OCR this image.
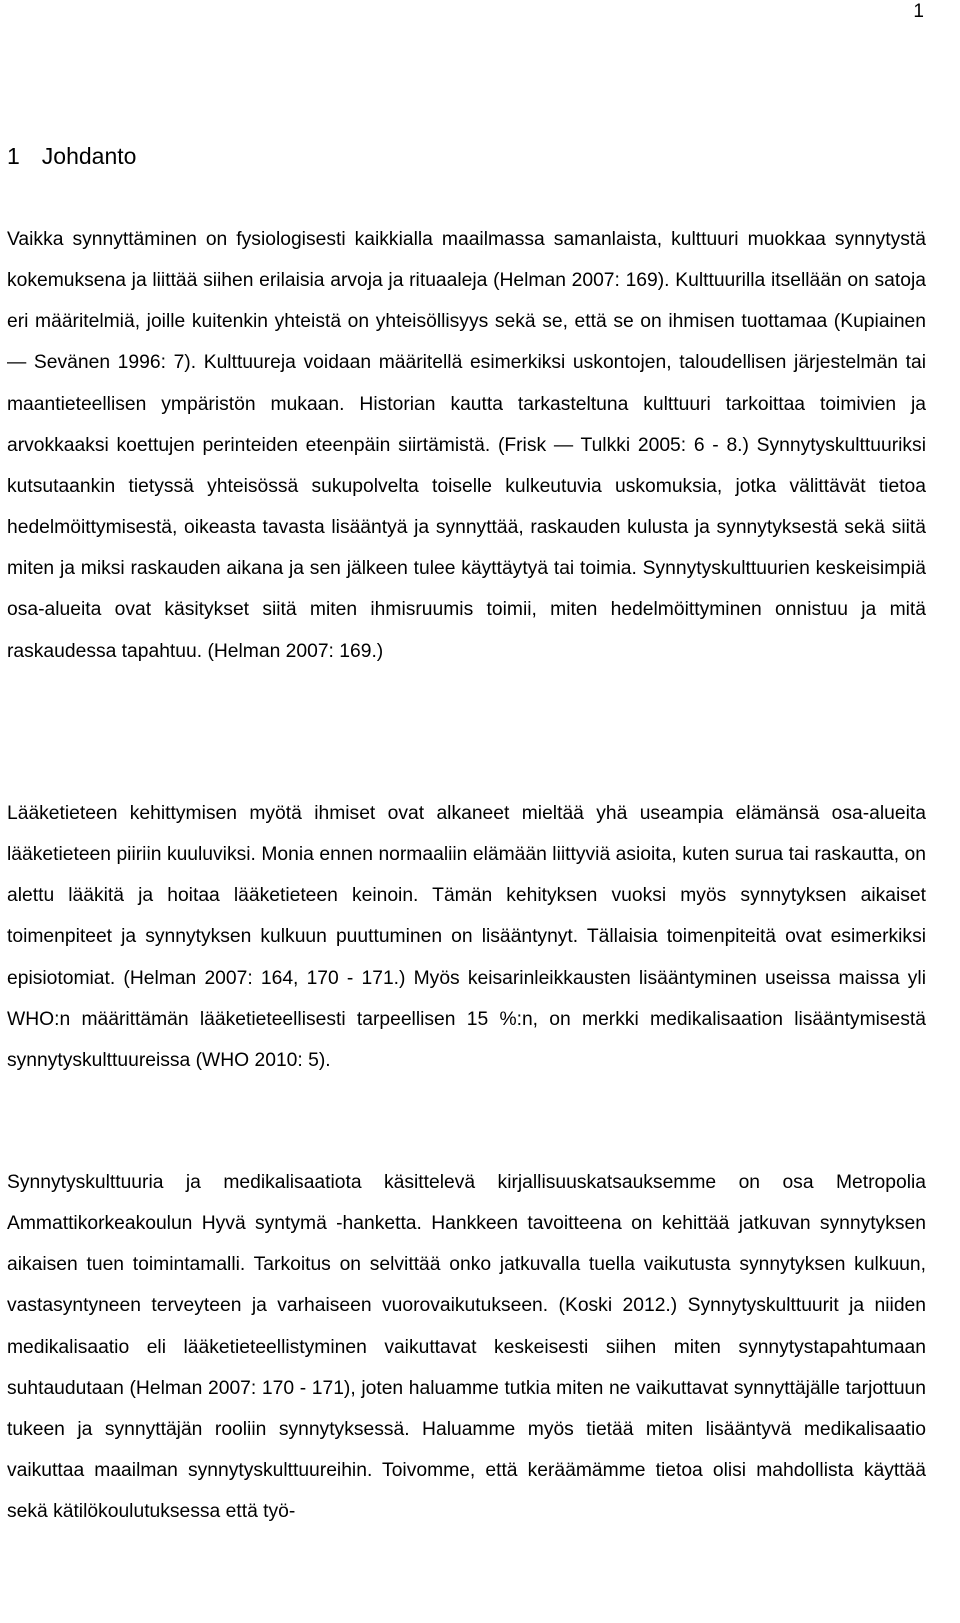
1
1 Johdanto

Vaikka synnyttäminen on fysiologisesti kaikkialla maailmassa samanlaista, kulttuuri muokkaa synnytystä kokemuksena ja liittää siihen erilaisia arvoja ja rituaaleja (Helman 2007: 169). Kulttuurilla itsellään on satoja eri määritelmiä, joille kuitenkin yhteistä on yhteisöllisyys sekä se, että se on ihmisen tuottamaa (Kupiainen — Sevänen 1996: 7). Kulttuureja voidaan määritellä esimerkiksi uskontojen, taloudellisen järjestelmän tai maantieteellisen ympäristön mukaan. Historian kautta tarkasteltuna kulttuuri tarkoittaa toimivien ja arvokkaaksi koettujen perinteiden eteenpäin siirtämistä. (Frisk — Tulkki 2005: 6 - 8.) Synnytyskulttuuriksi kutsutaankin tietyssä yhteisössä sukupolvelta toiselle kulkeutuvia uskomuksia, jotka välittävät tietoa hedelmöittymisestä, oikeasta tavasta lisääntyä ja synnyttää, raskauden kulusta ja synnytyksestä sekä siitä miten ja miksi raskauden aikana ja sen jälkeen tulee käyttäytyä tai toimia. Synnytyskulttuurien keskeisimpiä osa-alueita ovat käsitykset siitä miten ihmisruumis toimii, miten hedelmöittyminen onnistuu ja mitä raskaudessa tapahtuu. (Helman 2007: 169.)

Lääketieteen kehittymisen myötä ihmiset ovat alkaneet mieltää yhä useampia elämänsä osa-alueita lääketieteen piiriin kuuluviksi. Monia ennen normaaliin elämään liittyviä asioita, kuten surua tai raskautta, on alettu lääkitä ja hoitaa lääketieteen keinoin. Tämän kehityksen vuoksi myös synnytyksen aikaiset toimenpiteet ja synnytyksen kulkuun puuttuminen on lisääntynyt. Tällaisia toimenpiteitä ovat esimerkiksi episiotomiat. (Helman 2007: 164, 170 - 171.) Myös keisarinleikkausten lisääntyminen useissa maissa yli WHO:n määrittämän lääketieteellisesti tarpeellisen 15 %:n, on merkki medikalisaation lisääntymisestä synnytyskulttuureissa (WHO 2010: 5).

Synnytyskulttuuria ja medikalisaatiota käsittelevä kirjallisuuskatsauksemme on osa Metropolia Ammattikorkeakoulun Hyvä syntymä -hanketta. Hankkeen tavoitteena on kehittää jatkuvan synnytyksen aikaisen tuen toimintamalli. Tarkoitus on selvittää onko jatkuvalla tuella vaikutusta synnytyksen kulkuun, vastasyntyneen terveyteen ja varhaiseen vuorovaikutukseen. (Koski 2012.) Synnytyskulttuurit ja niiden medikalisaatio eli lääketieteellistyminen vaikuttavat keskeisesti siihen miten synnytystapahtumaan suhtaudutaan (Helman 2007: 170 - 171), joten haluamme tutkia miten ne vaikuttavat synnyttäjälle tarjottuun tukeen ja synnyttäjän rooliin synnytyksessä. Haluamme myös tietää miten lisääntyvä medikalisaatio vaikuttaa maailman synnytyskulttuureihin. Toivomme, että keräämämme tietoa olisi mahdollista käyttää sekä kätilökoulutuksessa että työ-
